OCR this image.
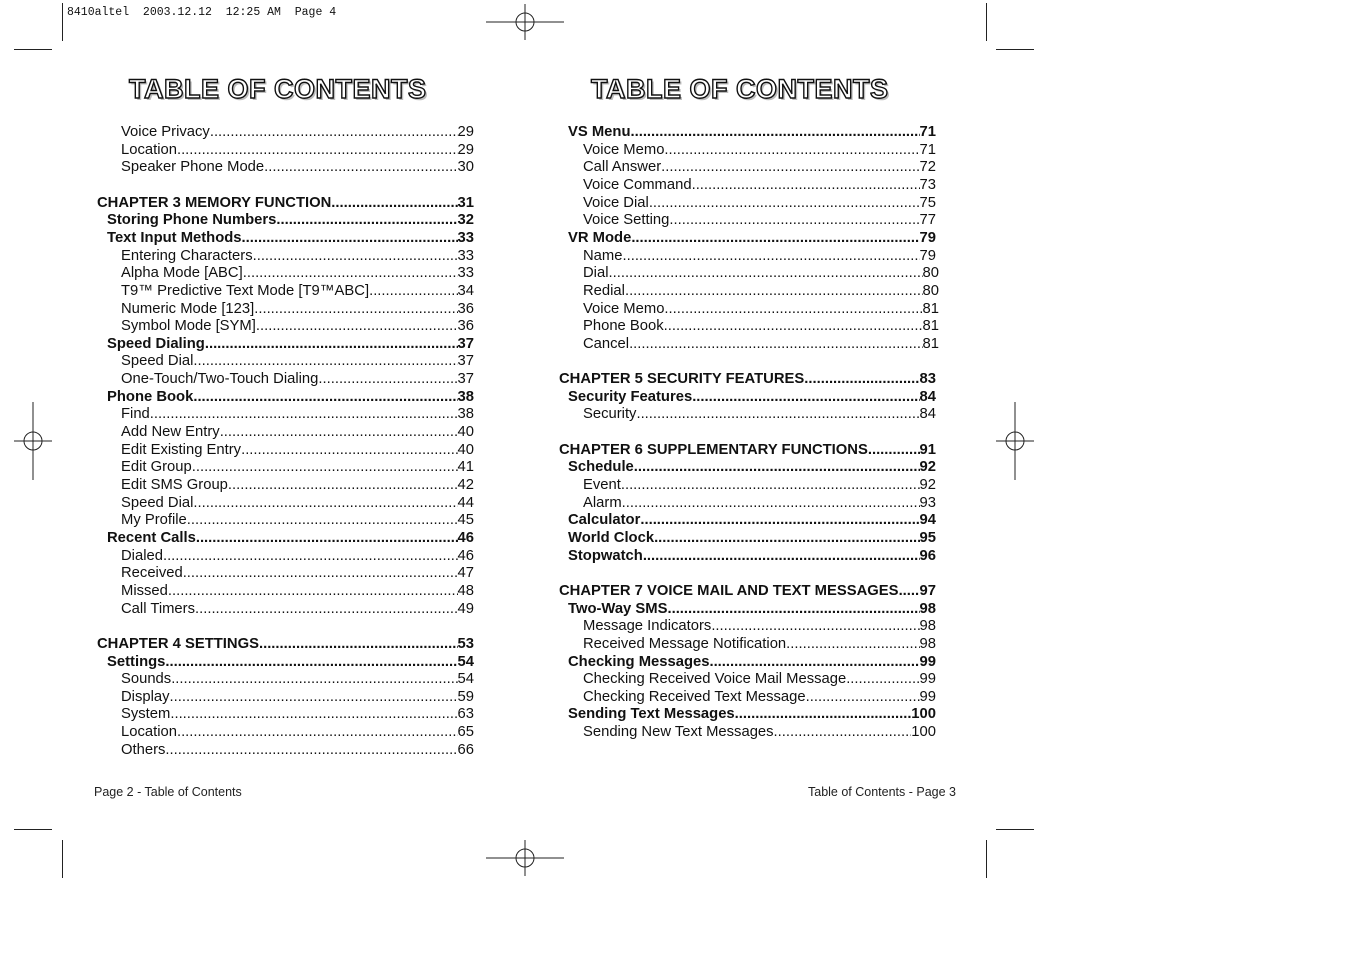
8410altel  2003.12.12  12:25 AM  Page 4
TABLE OF CONTENTS
Page 2 - Table of Contents
TABLE OF CONTENTS
Table of Contents - Page 3
Voice Privacy .....	29
Location .....	29
Speaker Phone Mode .....	30
CHAPTER 3 MEMORY FUNCTION .....	31
Storing Phone Numbers .....	32
Text Input Methods .....	33
Entering Characters .....	33
Alpha Mode [ABC] .....	33
T9™ Predictive Text Mode [T9™ABC] .....	34
Numeric Mode [123] .....	36
Symbol Mode [SYM] .....	36
Speed Dialing .....	37
Speed Dial .....	37
One-Touch/Two-Touch Dialing .....	37
Phone Book .....	38
Find .....	38
Add New Entry .....	40
Edit Existing Entry .....	40
Edit Group .....	41
Edit SMS Group .....	42
Speed Dial .....	44
My Profile .....	45
Recent Calls .....	46
Dialed .....	46
Received .....	47
Missed .....	48
Call Timers .....	49
CHAPTER 4 SETTINGS .....	53
Settings .....	54
Sounds .....	54
Display .....	59
System .....	63
Location .....	65
Others .....	66
VS Menu .....	71
Voice Memo .....	71
Call Answer .....	72
Voice Command .....	73
Voice Dial .....	75
Voice Setting .....	77
VR Mode .....	79
Name .....	79
Dial .....	80
Redial .....	80
Voice Memo .....	81
Phone Book .....	81
Cancel .....	81
CHAPTER 5 SECURITY FEATURES .....	83
Security Features .....	84
Security .....	84
CHAPTER 6 SUPPLEMENTARY FUNCTIONS .....	91
Schedule .....	92
Event .....	92
Alarm .....	93
Calculator .....	94
World Clock .....	95
Stopwatch .....	96
CHAPTER 7 VOICE MAIL AND TEXT MESSAGES ..... 97
Two-Way SMS .....	98
Message Indicators .....	98
Received Message Notification .....	98
Checking Messages .....	99
Checking Received Voice Mail Message .....	99
Checking Received Text Message .....	99
Sending Text Messages .....	100
Sending New Text Messages .....	100
